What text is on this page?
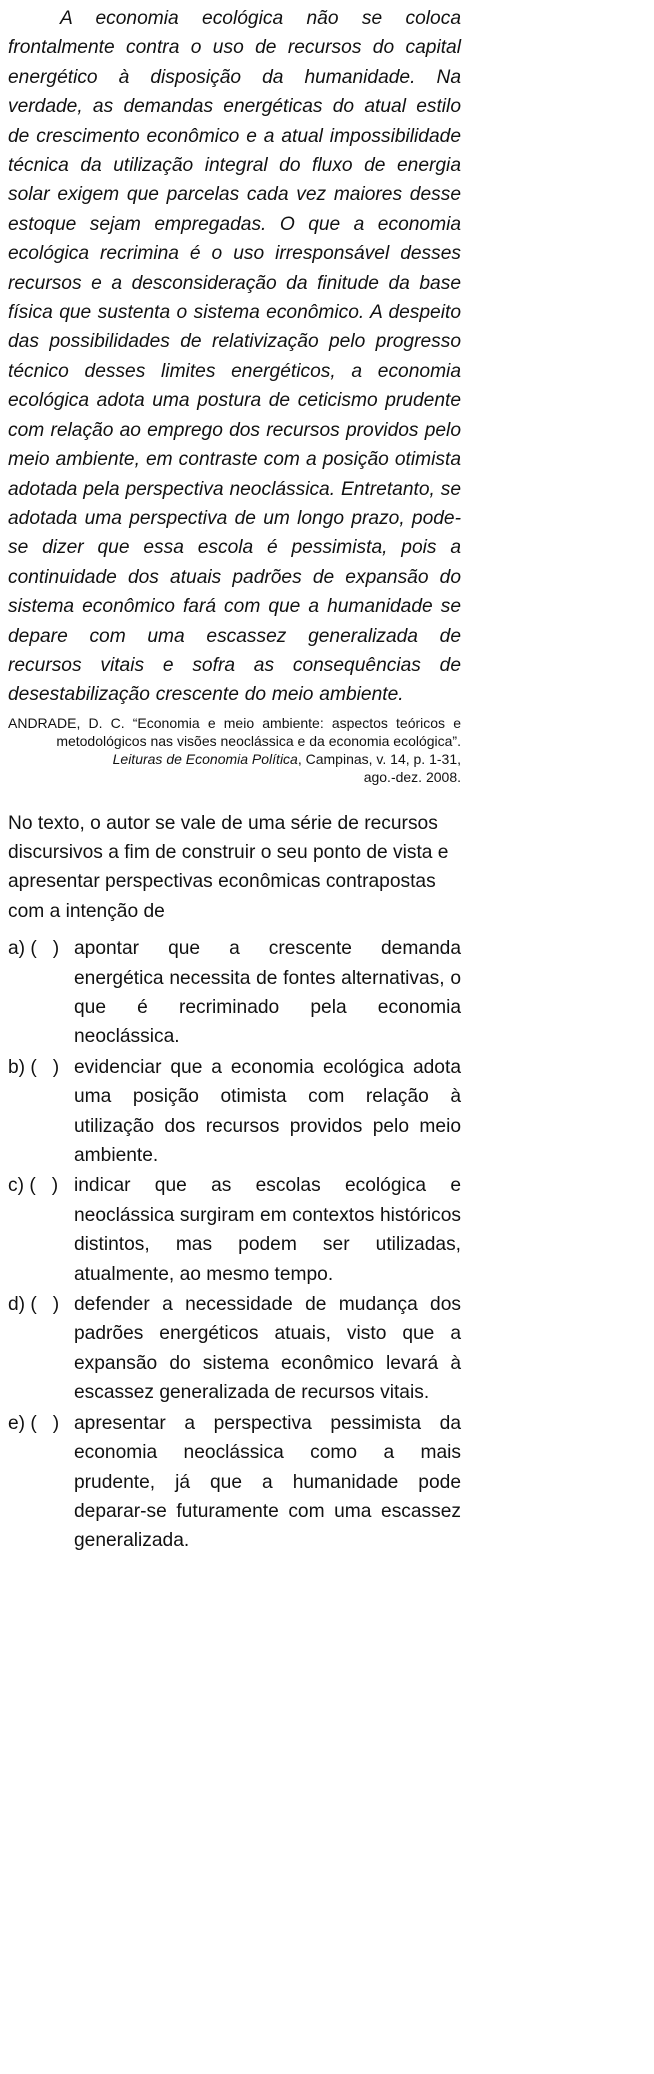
A economia ecológica não se coloca frontalmente contra o uso de recursos do capital energético à disposição da humanidade. Na verdade, as demandas energéticas do atual estilo de crescimento econômico e a atual impossibilidade técnica da utilização integral do fluxo de energia solar exigem que parcelas cada vez maiores desse estoque sejam empregadas. O que a economia ecológica recrimina é o uso irresponsável desses recursos e a desconsideração da finitude da base física que sustenta o sistema econômico. A despeito das possibilidades de relativização pelo progresso técnico desses limites energéticos, a economia ecológica adota uma postura de ceticismo prudente com relação ao emprego dos recursos providos pelo meio ambiente, em contraste com a posição otimista adotada pela perspectiva neoclássica. Entretanto, se adotada uma perspectiva de um longo prazo, pode-se dizer que essa escola é pessimista, pois a continuidade dos atuais padrões de expansão do sistema econômico fará com que a humanidade se depare com uma escassez generalizada de recursos vitais e sofra as consequências de desestabilização crescente do meio ambiente.

ANDRADE, D. C. “Economia e meio ambiente: aspectos teóricos e
metodológicos nas visões neoclássica e da economia ecológica”.
Leituras de Economia Política, Campinas, v. 14, p. 1-31,
ago.-dez. 2008.

No texto, o autor se vale de uma série de recursos discursivos a fim de construir o seu ponto de vista e apresentar perspectivas econômicas contrapostas com a intenção de

a) (   ) apontar que a crescente demanda energética necessita de fontes alternativas, o que é recriminado pela economia neoclássica.
b) (   ) evidenciar que a economia ecológica adota uma posição otimista com relação à utilização dos recursos providos pelo meio ambiente.
c) (   ) indicar que as escolas ecológica e neoclássica surgiram em contextos históricos distintos, mas podem ser utilizadas, atualmente, ao mesmo tempo.
d) (   ) defender a necessidade de mudança dos padrões energéticos atuais, visto que a expansão do sistema econômico levará à escassez generalizada de recursos vitais.
e) (   ) apresentar a perspectiva pessimista da economia neoclássica como a mais prudente, já que a humanidade pode deparar-se futuramente com uma escassez generalizada.
